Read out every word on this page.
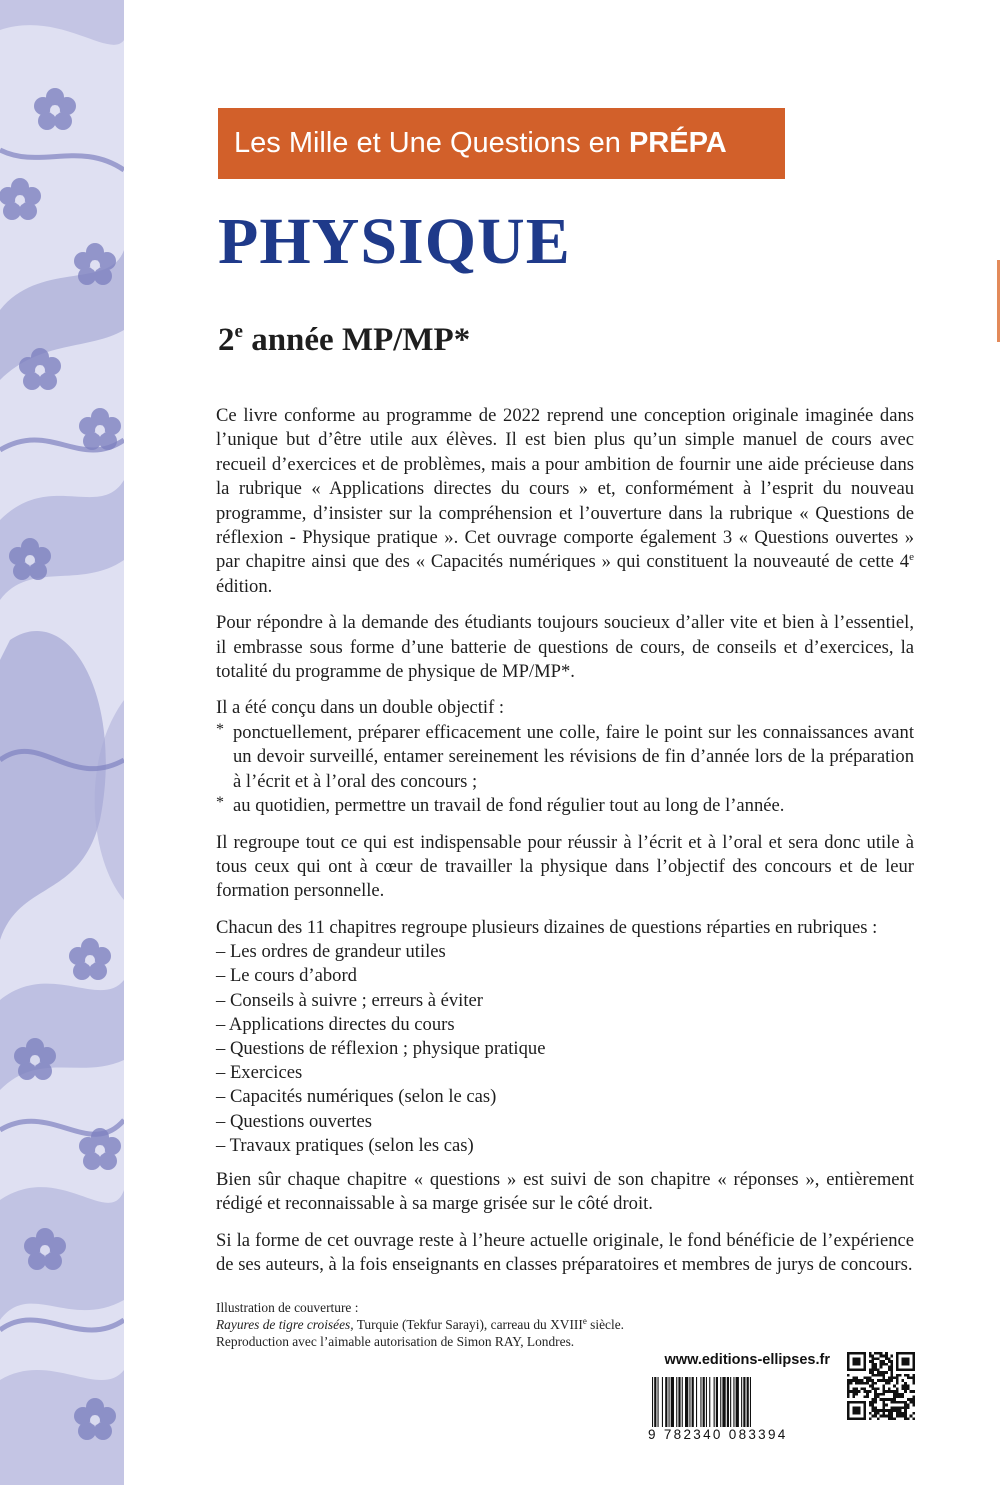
Les Mille et Une Questions en PRÉPA
PHYSIQUE
2e année MP/MP*

Ce livre conforme au programme de 2022 reprend une conception originale imaginée dans l’unique but d’être utile aux élèves. Il est bien plus qu’un simple manuel de cours avec recueil d’exercices et de problèmes, mais a pour ambition de fournir une aide précieuse dans la rubrique « Applications directes du cours » et, conformément à l’esprit du nouveau programme, d’insister sur la compréhension et l’ouverture dans la rubrique « Questions de réflexion - Physique pratique ». Cet ouvrage comporte également 3 « Questions ouvertes » par chapitre ainsi que des « Capacités numériques » qui constituent la nouveauté de cette 4e édition.

Pour répondre à la demande des étudiants toujours soucieux d’aller vite et bien à l’essentiel, il embrasse sous forme d’une batterie de questions de cours, de conseils et d’exercices, la totalité du programme de physique de MP/MP*.

Il a été conçu dans un double objectif :

* ponctuellement, préparer efficacement une colle, faire le point sur les connaissances avant un devoir surveillé, entamer sereinement les révisions de fin d’année lors de la préparation à l’écrit et à l’oral des concours ;
* au quotidien, permettre un travail de fond régulier tout au long de l’année.

Il regroupe tout ce qui est indispensable pour réussir à l’écrit et à l’oral et sera donc utile à tous ceux qui ont à cœur de travailler la physique dans l’objectif des concours et de leur formation personnelle.

Chacun des 11 chapitres regroupe plusieurs dizaines de questions réparties en rubriques :

– Les ordres de grandeur utiles
– Le cours d’abord
– Conseils à suivre ; erreurs à éviter
– Applications directes du cours
– Questions de réflexion ; physique pratique
– Exercices
– Capacités numériques (selon le cas)
– Questions ouvertes
– Travaux pratiques (selon les cas)

Bien sûr chaque chapitre « questions » est suivi de son chapitre « réponses », entièrement rédigé et reconnaissable à sa marge grisée sur le côté droit.

Si la forme de cet ouvrage reste à l’heure actuelle originale, le fond bénéficie de l’expérience de ses auteurs, à la fois enseignants en classes préparatoires et membres de jurys de concours.

Illustration de couverture :
Rayures de tigre croisées, Turquie (Tekfur Sarayi), carreau du XVIIIe siècle.
Reproduction avec l’aimable autorisation de Simon RAY, Londres.
www.editions-ellipses.fr
9 782340 083394
